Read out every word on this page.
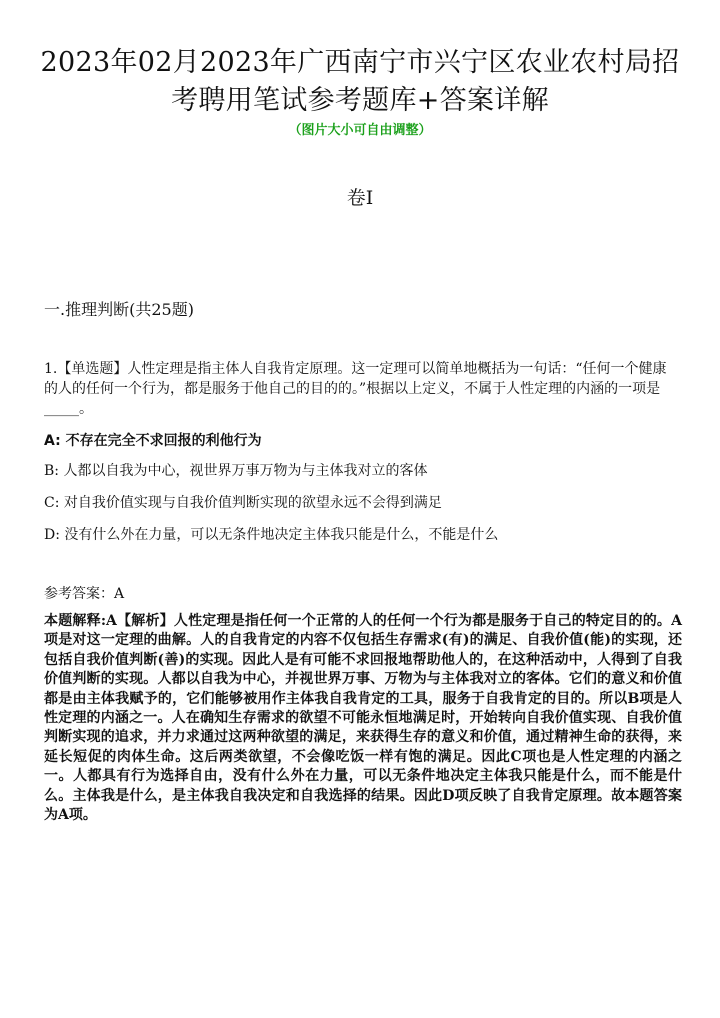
2023年02月2023年广西南宁市兴宁区农业农村局招考聘用笔试参考题库+答案详解
（图片大小可自由调整）
卷I
一.推理判断(共25题)
1.【单选题】人性定理是指主体人自我肯定原理。这一定理可以简单地概括为一句话：“任何一个健康的人的任何一个行为，都是服务于他自己的目的的。”根据以上定义，不属于人性定理的内涵的一项是_____。
A: 不存在完全不求回报的利他行为
B: 人都以自我为中心，视世界万事万物为与主体我对立的客体
C: 对自我价值实现与自我价值判断实现的欲望永远不会得到满足
D: 没有什么外在力量，可以无条件地决定主体我只能是什么，不能是什么
参考答案：A
本题解释:A【解析】人性定理是指任何一个正常的人的任何一个行为都是服务于自己的特定目的的。A项是对这一定理的曲解。人的自我肯定的内容不仅包括生存需求(有)的满足、自我价值(能)的实现，还包括自我价值判断(善)的实现。因此人是有可能不求回报地帮助他人的，在这种活动中，人得到了自我价值判断的实现。人都以自我为中心，并视世界万事、万物为与主体我对立的客体。它们的意义和价值都是由主体我赋予的，它们能够被用作主体我自我肯定的工具，服务于自我肯定的目的。所以B项是人性定理的内涵之一。人在确知生存需求的欲望不可能永恒地满足时，开始转向自我价值实现、自我价值判断实现的追求，并力求通过这两种欲望的满足，来获得生存的意义和价值，通过精神生命的获得，来延长短促的肉体生命。这后两类欲望，不会像吃饭一样有饱的满足。因此C项也是人性定理的内涵之一。人都具有行为选择自由，没有什么外在力量，可以无条件地决定主体我只能是什么，而不能是什么。主体我是什么，是主体我自我决定和自我选择的结果。因此D项反映了自我肯定原理。故本题答案为A项。
